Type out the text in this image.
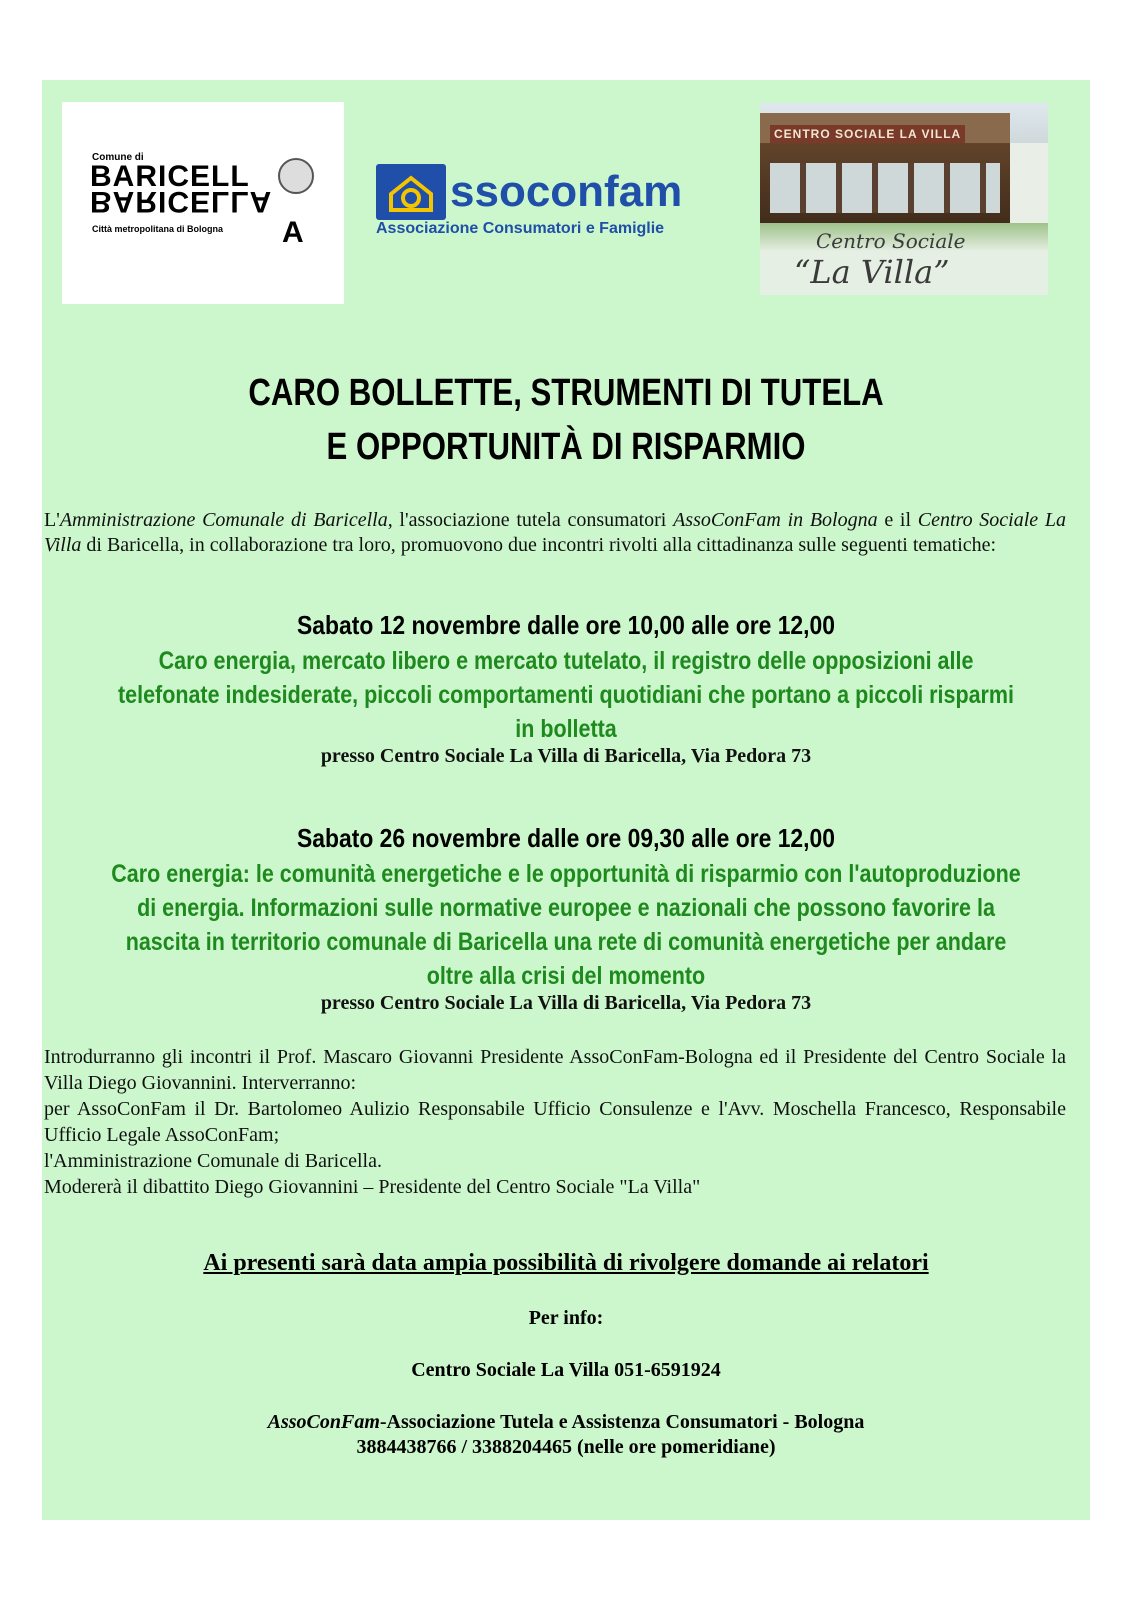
Comune di
BARICELL
BARICELLA
A
Città metropolitana di Bologna
ssoconfam
Associazione Consumatori e Famiglie
CENTRO SOCIALE LA VILLA
Centro Sociale
“La Villa”
CARO BOLLETTE, STRUMENTI DI TUTELA
E OPPORTUNITÀ DI RISPARMIO
L'Amministrazione Comunale di Baricella, l'associazione tutela consumatori AssoConFam in Bologna e il Centro Sociale La Villa di Baricella, in collaborazione tra loro, promuovono due incontri rivolti alla cittadinanza sulle seguenti tematiche:
Sabato 12 novembre dalle ore 10,00 alle ore 12,00
Caro energia, mercato libero e mercato tutelato, il registro delle opposizioni alle telefonate indesiderate, piccoli comportamenti quotidiani che portano a piccoli risparmi in bolletta
presso Centro Sociale La Villa di Baricella, Via Pedora 73
Sabato 26 novembre dalle ore 09,30 alle ore 12,00
Caro energia: le comunità energetiche e le opportunità di risparmio con l'autoproduzione di energia. Informazioni sulle normative europee e nazionali che possono favorire la nascita in territorio comunale di Baricella una rete di comunità energetiche per andare oltre alla crisi del momento
presso Centro Sociale La Villa di Baricella, Via Pedora 73
Introdurranno gli incontri il Prof. Mascaro Giovanni Presidente AssoConFam-Bologna ed il Presidente del Centro Sociale la Villa Diego Giovannini. Interverranno:
per AssoConFam il Dr. Bartolomeo Aulizio Responsabile Ufficio Consulenze e l'Avv. Moschella Francesco, Responsabile Ufficio Legale AssoConFam;
l'Amministrazione Comunale di Baricella.
Modererà il dibattito Diego Giovannini – Presidente del Centro Sociale "La Villa"
Ai presenti sarà data ampia possibilità di rivolgere domande ai relatori
Per info:
Centro Sociale La Villa 051-6591924
AssoConFam-Associazione Tutela e Assistenza Consumatori - Bologna
3884438766 / 3388204465 (nelle ore pomeridiane)
